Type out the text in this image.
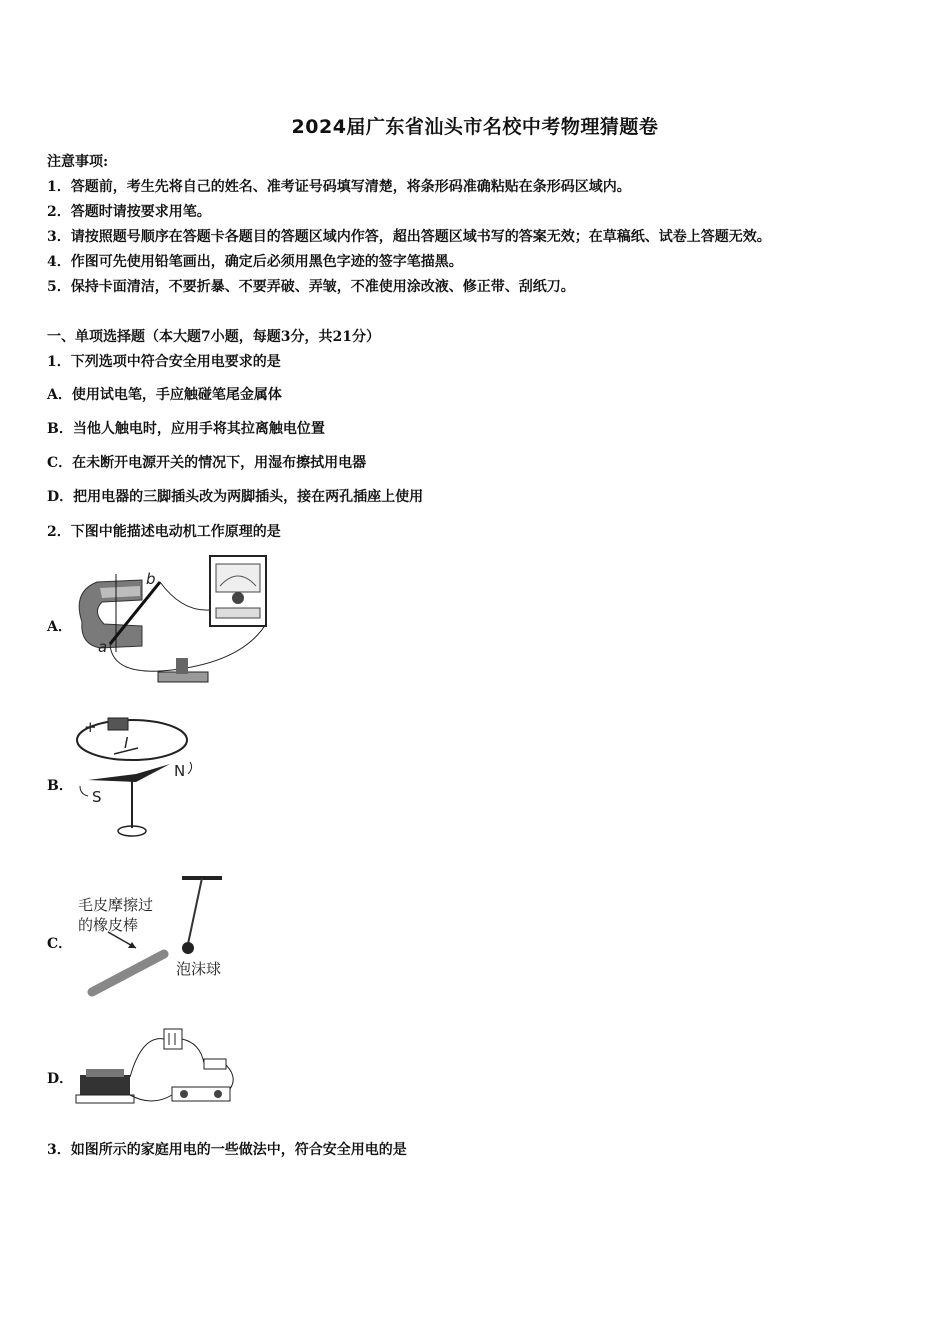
2024届广东省汕头市名校中考物理猜题卷
注意事项:
1．答题前，考生先将自己的姓名、准考证号码填写清楚，将条形码准确粘贴在条形码区域内。
2．答题时请按要求用笔。
3．请按照题号顺序在答题卡各题目的答题区域内作答，超出答题区域书写的答案无效；在草稿纸、试卷上答题无效。
4．作图可先使用铅笔画出，确定后必须用黑色字迹的签字笔描黑。
5．保持卡面清洁，不要折暴、不要弄破、弄皱，不准使用涂改液、修正带、刮纸刀。
一、单项选择题（本大题7小题，每题3分，共21分）
1．下列选项中符合安全用电要求的是
A．使用试电笔，手应触碰笔尾金属体
B．当他人触电时，应用手将其拉离触电位置
C．在未断开电源开关的情况下，用湿布擦拭用电器
D．把用电器的三脚插头改为两脚插头，接在两孔插座上使用
2．下图中能描述电动机工作原理的是
A．
b
a
B．
+
I
N
S
C．
毛皮摩擦过
的橡皮棒
泡沫球
D．
3．如图所示的家庭用电的一些做法中，符合安全用电的是
